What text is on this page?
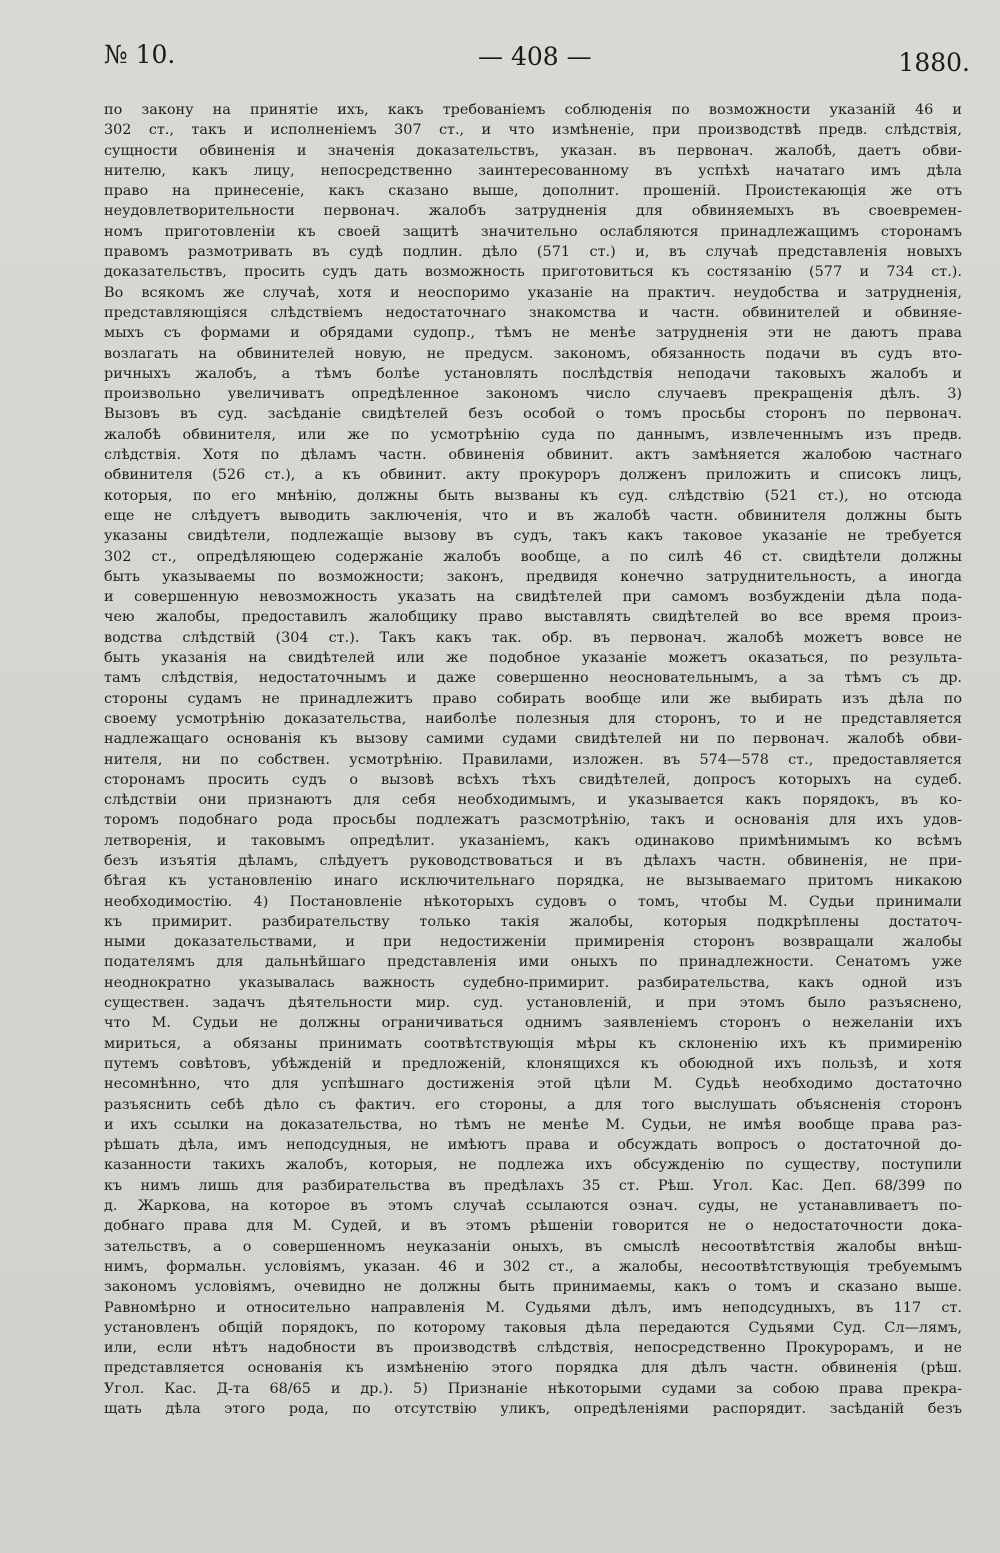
№ 10.	— 408 —	1880.
по закону на принятіе ихъ, какъ требованіемъ соблюденія по возможности указаній 46 и
302 ст., такъ и исполненіемъ 307 ст., и что измѣненіе, при производствѣ предв. слѣдствія,
сущности обвиненія и значенія доказательствъ, указан. въ первонач. жалобѣ, даетъ обви-
нителю, какъ лицу, непосредственно заинтересованному въ успѣхѣ начатаго имъ дѣла
право на принесеніе, какъ сказано выше, дополнит. прошеній. Проистекающія же отъ
неудовлетворительности первонач. жалобъ затрудненія для обвиняемыхъ въ своевремен-
номъ приготовленіи къ своей защитѣ значительно ослабляются принадлежащимъ сторонамъ
правомъ размотривать въ судѣ подлин. дѣло (571 ст.) и, въ случаѣ представленія новыхъ
доказательствъ, просить судъ дать возможность приготовиться къ состязанію (577 и 734 ст.).
Во всякомъ же случаѣ, хотя и неоспоримо указаніе на практич. неудобства и затрудненія,
представляющіяся слѣдствіемъ недостаточнаго знакомства и частн. обвинителей и обвиняе-
мыхъ съ формами и обрядами судопр., тѣмъ не менѣе затрудненія эти не даютъ права
возлагать на обвинителей новую, не предусм. закономъ, обязанность подачи въ судъ вто-
ричныхъ жалобъ, а тѣмъ болѣе установлять послѣдствія неподачи таковыхъ жалобъ и
произвольно увеличиватъ опредѣленное закономъ число случаевъ прекращенія дѣлъ. 3)
Вызовъ въ суд. засѣданіе свидѣтелей безъ особой о томъ просьбы сторонъ по первонач.
жалобѣ обвинителя, или же по усмотрѣнію суда по даннымъ, извлеченнымъ изъ предв.
слѣдствія. Хотя по дѣламъ частн. обвиненія обвинит. актъ замѣняется жалобою частнаго
обвинителя (526 ст.), а къ обвинит. акту прокуроръ долженъ приложить и списокъ лицъ,
которыя, по его мнѣнію, должны быть вызваны къ суд. слѣдствію (521 ст.), но отсюда
еще не слѣдуетъ выводить заключенія, что и въ жалобѣ частн. обвинителя должны быть
указаны свидѣтели, подлежащіе вызову въ судъ, такъ какъ таковое указаніе не требуется
302 ст., опредѣляющею содержаніе жалобъ вообще, а по силѣ 46 ст. свидѣтели должны
быть указываемы по возможности; законъ, предвидя конечно затруднительность, а иногда
и совершенную невозможность указать на свидѣтелей при самомъ возбужденіи дѣла пода-
чею жалобы, предоставилъ жалобщику право выставлять свидѣтелей во все время произ-
водства слѣдствій (304 ст.). Такъ какъ так. обр. въ первонач. жалобѣ можетъ вовсе не
быть указанія на свидѣтелей или же подобное указаніе можетъ оказаться, по результа-
тамъ слѣдствія, недостаточнымъ и даже совершенно неосновательнымъ, а за тѣмъ съ др.
стороны судамъ не принадлежитъ право собирать вообще или же выбирать изъ дѣла по
своему усмотрѣнію доказательства, наиболѣе полезныя для сторонъ, то и не представляется
надлежащаго основанія къ вызову самими судами свидѣтелей ни по первонач. жалобѣ обви-
нителя, ни по собствен. усмотрѣнію. Правилами, изложен. въ 574—578 ст., предоставляется
сторонамъ просить судъ о вызовѣ всѣхъ тѣхъ свидѣтелей, допросъ которыхъ на судеб.
слѣдствіи они признаютъ для себя необходимымъ, и указывается какъ порядокъ, въ ко-
торомъ подобнаго рода просьбы подлежатъ разсмотрѣнію, такъ и основанія для ихъ удов-
летворенія, и таковымъ опредѣлит. указаніемъ, какъ одинаково примѣнимымъ ко всѣмъ
безъ изъятія дѣламъ, слѣдуетъ руководствоваться и въ дѣлахъ частн. обвиненія, не при-
бѣгая къ установленію инаго исключительнаго порядка, не вызываемаго притомъ никакою
необходимостію. 4) Постановленіе нѣкоторыхъ судовъ о томъ, чтобы М. Судьи принимали
къ примирит. разбирательству только такія жалобы, которыя подкрѣплены достаточ-
ными доказательствами, и при недостиженіи примиренія сторонъ возвращали жалобы
подателямъ для дальнѣйшаго представленія ими оныхъ по принадлежности. Сенатомъ уже
неоднократно указывалась важность судебно-примирит. разбирательства, какъ одной изъ
существен. задачъ дѣятельности мир. суд. установленій, и при этомъ было разъяснено,
что М. Судьи не должны ограничиваться однимъ заявленіемъ сторонъ о нежеланіи ихъ
мириться, а обязаны принимать соотвѣтствующія мѣры къ склоненію ихъ къ примиренію
путемъ совѣтовъ, убѣжденій и предложеній, клонящихся къ обоюдной ихъ пользѣ, и хотя
несомнѣнно, что для успѣшнаго достиженія этой цѣли М. Судьѣ необходимо достаточно
разъяснить себѣ дѣло съ фактич. его стороны, а для того выслушать объясненія сторонъ
и ихъ ссылки на доказательства, но тѣмъ не менѣе М. Судьи, не имѣя вообще права раз-
рѣшать дѣла, имъ неподсудныя, не имѣютъ права и обсуждать вопросъ о достаточной до-
казанности такихъ жалобъ, которыя, не подлежа ихъ обсужденію по существу, поступили
къ нимъ лишь для разбирательства въ предѣлахъ 35 ст. Рѣш. Угол. Кас. Деп. 68/399 по
д. Жаркова, на которое въ этомъ случаѣ ссылаются означ. суды, не устанавливаетъ по-
добнаго права для М. Судей, и въ этомъ рѣшеніи говорится не о недостаточности дока-
зательствъ, а о совершенномъ неуказаніи оныхъ, въ смыслѣ несоотвѣтствія жалобы внѣш-
нимъ, формальн. условіямъ, указан. 46 и 302 ст., а жалобы, несоотвѣтствующія требуемымъ
закономъ условіямъ, очевидно не должны быть принимаемы, какъ о томъ и сказано выше.
Равномѣрно и относительно направленія М. Судьями дѣлъ, имъ неподсудныхъ, въ 117 ст.
установленъ общій порядокъ, по которому таковыя дѣла передаются Судьями Суд. Сл—лямъ,
или, если нѣтъ надобности въ производствѣ слѣдствія, непосредственно Прокурорамъ, и не
представляется основанія къ измѣненію этого порядка для дѣлъ частн. обвиненія (рѣш.
Угол. Кас. Д-та 68/65 и др.). 5) Признаніе нѣкоторыми судами за собою права прекра-
щать дѣла этого рода, по отсутствію уликъ, опредѣленіями распорядит. засѣданій безъ
